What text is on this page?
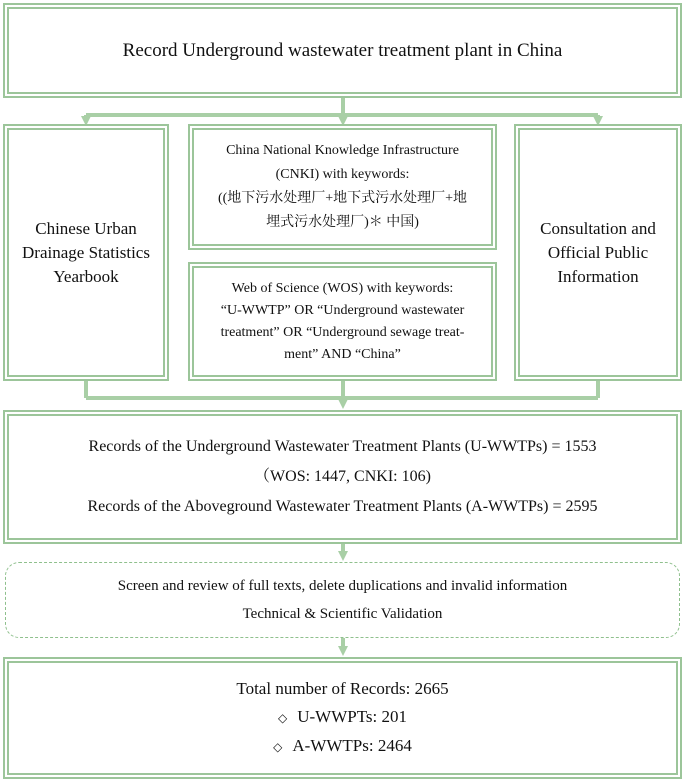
Record Underground wastewater treatment plant in China
Chinese Urban
Drainage Statistics
Yearbook
China National Knowledge Infrastructure
(CNKI) with keywords:
((地下污水处理厂+地下式污水处理厂+地
埋式污水处理厂)＊ 中国)
Web of Science (WOS) with keywords:
“U-WWTP” OR “Underground wastewater
treatment” OR “Underground sewage treat-
ment” AND “China”
Consultation and
Official Public
Information
Records of the Underground Wastewater Treatment Plants (U-WWTPs) = 1553
（WOS: 1447, CNKI: 106)
Records of the Aboveground Wastewater Treatment Plants (A-WWTPs) = 2595
Screen and review of full texts, delete duplications and invalid information
Technical & Scientific Validation
Total number of Records: 2665
◇ U-WWPTs: 201
◇ A-WWTPs: 2464
